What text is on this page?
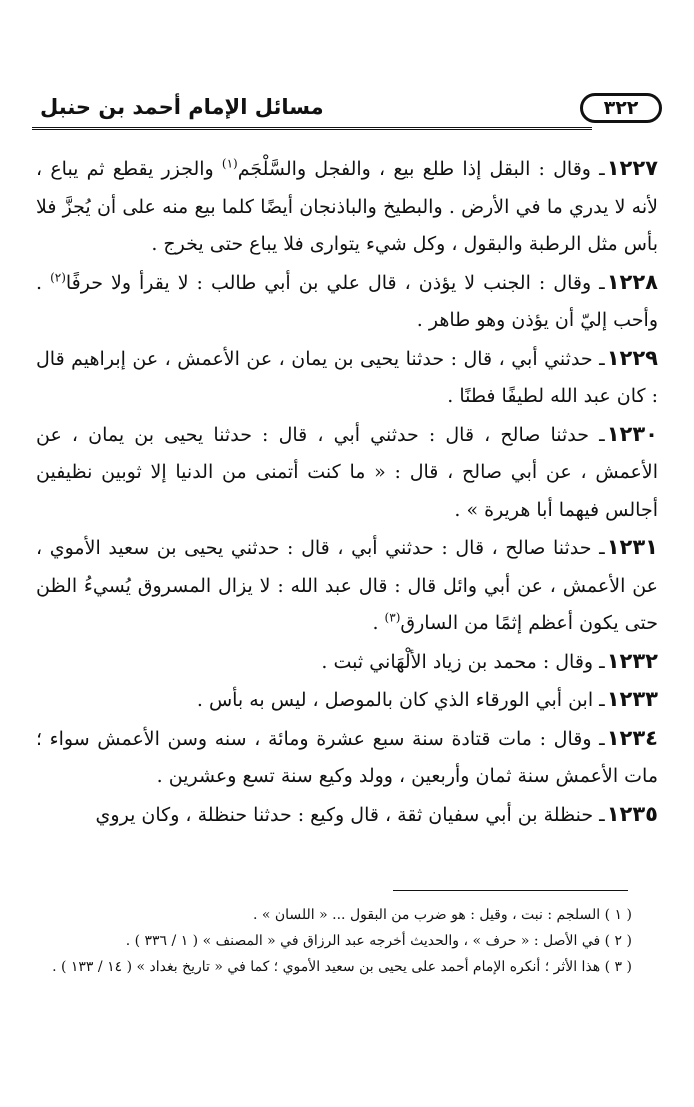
٣٢٢
مسائل الإمام أحمد بن حنبل

١٢٢٧ـ وقال : البقل إذا طلع بيع ، والفجل والسَّلْجَم$^{(١)}$ والجزر يقطع ثم يباع ، لأنه لا يدري ما في الأرض . والبطيخ والباذنجان أيضًا كلما بيع منه على أن يُجزَّ فلا بأس مثل الرطبة والبقول ، وكل شيء يتوارى فلا يباع حتى يخرج .

١٢٢٨ـ وقال : الجنب لا يؤذن ، قال علي بن أبي طالب : لا يقرأ ولا حرفًا$^{(٢)}$ . وأحب إليّ أن يؤذن وهو طاهر .

١٢٢٩ـ حدثني أبي ، قال : حدثنا يحيى بن يمان ، عن الأعمش ، عن إبراهيم قال : كان عبد الله لطيفًا فطنًا .

١٢٣٠ـ حدثنا صالح ، قال : حدثني أبي ، قال : حدثنا يحيى بن يمان ، عن الأعمش ، عن أبي صالح ، قال : « ما كنت أتمنى من الدنيا إلا ثوبين نظيفين أجالس فيهما أبا هريرة » .

١٢٣١ـ حدثنا صالح ، قال : حدثني أبي ، قال : حدثني يحيى بن سعيد الأموي ، عن الأعمش ، عن أبي وائل قال : قال عبد الله : لا يزال المسروق يُسيءُ الظن حتى يكون أعظم إثمًا من السارق$^{(٣)}$ .

١٢٣٢ـ وقال : محمد بن زياد الألْهَاني ثبت .

١٢٣٣ـ ابن أبي الورقاء الذي كان بالموصل ، ليس به بأس .

١٢٣٤ـ وقال : مات قتادة سنة سبع عشرة ومائة ، سنه وسن الأعمش سواء ؛ مات الأعمش سنة ثمان وأربعين ، وولد وكيع سنة تسع وعشرين .

١٢٣٥ـ حنظلة بن أبي سفيان ثقة ، قال وكيع : حدثنا حنظلة ، وكان يروي

( ١ ) السلجم : نبت ، وقيل : هو ضرب من البقول ... « اللسان » .

( ٢ ) في الأصل : « حرف » ، والحديث أخرجه عبد الرزاق في « المصنف » ( ١ / ٣٣٦ ) .

( ٣ ) هذا الأثر ؛ أنكره الإمام أحمد على يحيى بن سعيد الأموي ؛ كما في « تاريخ بغداد » ( ١٤ / ١٣٣ ) .
